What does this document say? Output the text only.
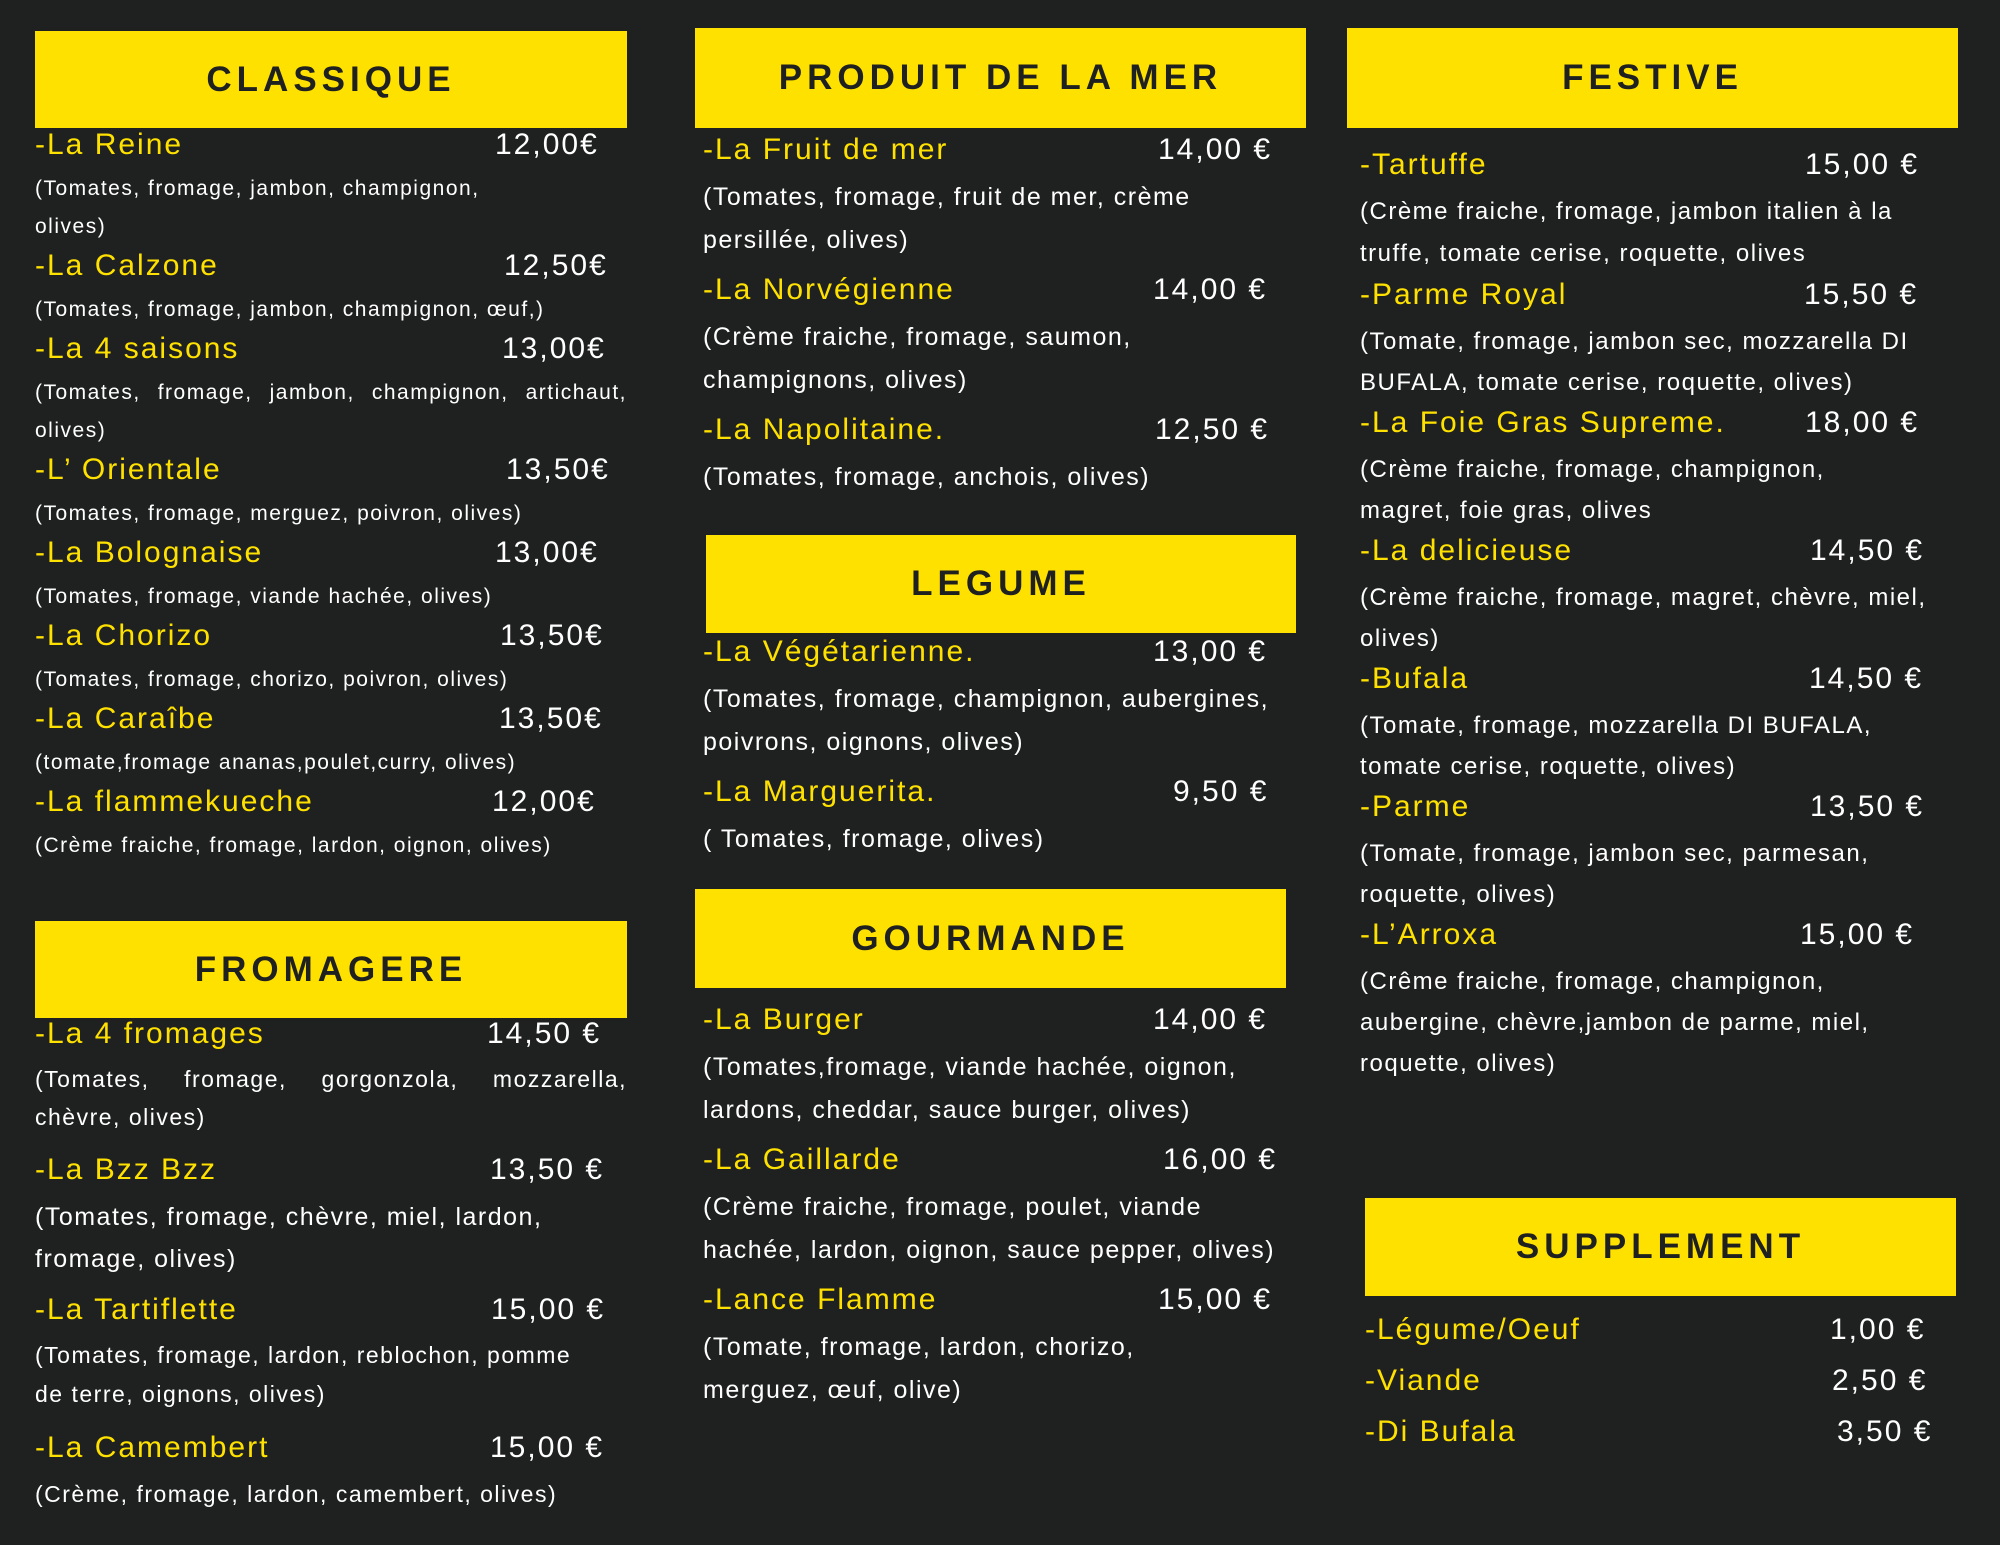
CLASSIQUE
-La Reine	12,00€
(Tomates, fromage, jambon, champignon, olives)
-La Calzone	12,50€
(Tomates, fromage, jambon, champignon, œuf,)
-La 4 saisons	13,00€
(Tomates, fromage, jambon, champignon, artichaut, olives)
-L’ Orientale	13,50€
(Tomates, fromage, merguez, poivron, olives)
-La Bolognaise	13,00€
(Tomates, fromage, viande hachée, olives)
-La Chorizo	13,50€
(Tomates, fromage, chorizo, poivron, olives)
-La Caraîbe	13,50€
(tomate,fromage ananas,poulet,curry, olives)
-La flammekueche	12,00€
(Crème fraiche, fromage, lardon, oignon, olives)
FROMAGERE
-La 4 fromages	14,50 €
(Tomates, fromage, gorgonzola, mozzarella, chèvre, olives)
-La Bzz Bzz	13,50 €
(Tomates, fromage, chèvre, miel, lardon, fromage, olives)
-La Tartiflette	15,00 €
(Tomates, fromage, lardon, reblochon, pomme de terre, oignons, olives)
-La Camembert	15,00 €
(Crème, fromage, lardon, camembert, olives)
PRODUIT DE LA MER
-La Fruit de mer	14,00 €
(Tomates, fromage, fruit de mer, crème persillée, olives)
-La Norvégienne	14,00 €
(Crème fraiche, fromage, saumon, champignons, olives)
-La Napolitaine.	12,50 €
(Tomates, fromage, anchois, olives)
LEGUME
-La Végétarienne.	13,00 €
(Tomates, fromage, champignon, aubergines, poivrons, oignons, olives)
-La Marguerita.	9,50 €
( Tomates, fromage, olives)
GOURMANDE
-La Burger	14,00 €
(Tomates,fromage, viande hachée, oignon, lardons, cheddar, sauce burger, olives)
-La Gaillarde	16,00 €
(Crème fraiche, fromage, poulet, viande hachée, lardon, oignon, sauce pepper, olives)
-Lance Flamme	15,00 €
(Tomate, fromage, lardon, chorizo, merguez, œuf, olive)
FESTIVE
-Tartuffe	15,00 €
(Crème fraiche, fromage, jambon italien à la truffe, tomate cerise, roquette, olives
-Parme Royal	15,50 €
(Tomate, fromage, jambon sec, mozzarella DI BUFALA, tomate cerise, roquette, olives)
-La Foie Gras Supreme.	18,00 €
(Crème fraiche, fromage, champignon, magret, foie gras, olives
-La delicieuse	14,50 €
(Crème fraiche, fromage, magret, chèvre, miel, olives)
-Bufala	14,50 €
(Tomate, fromage, mozzarella DI BUFALA, tomate cerise, roquette, olives)
-Parme	13,50 €
(Tomate, fromage, jambon sec, parmesan, roquette, olives)
-L’Arroxa	15,00 €
(Crême fraiche, fromage, champignon, aubergine, chèvre,jambon de parme, miel, roquette, olives)
SUPPLEMENT
-Légume/Oeuf	1,00 €
-Viande	2,50 €
-Di Bufala	3,50 €
